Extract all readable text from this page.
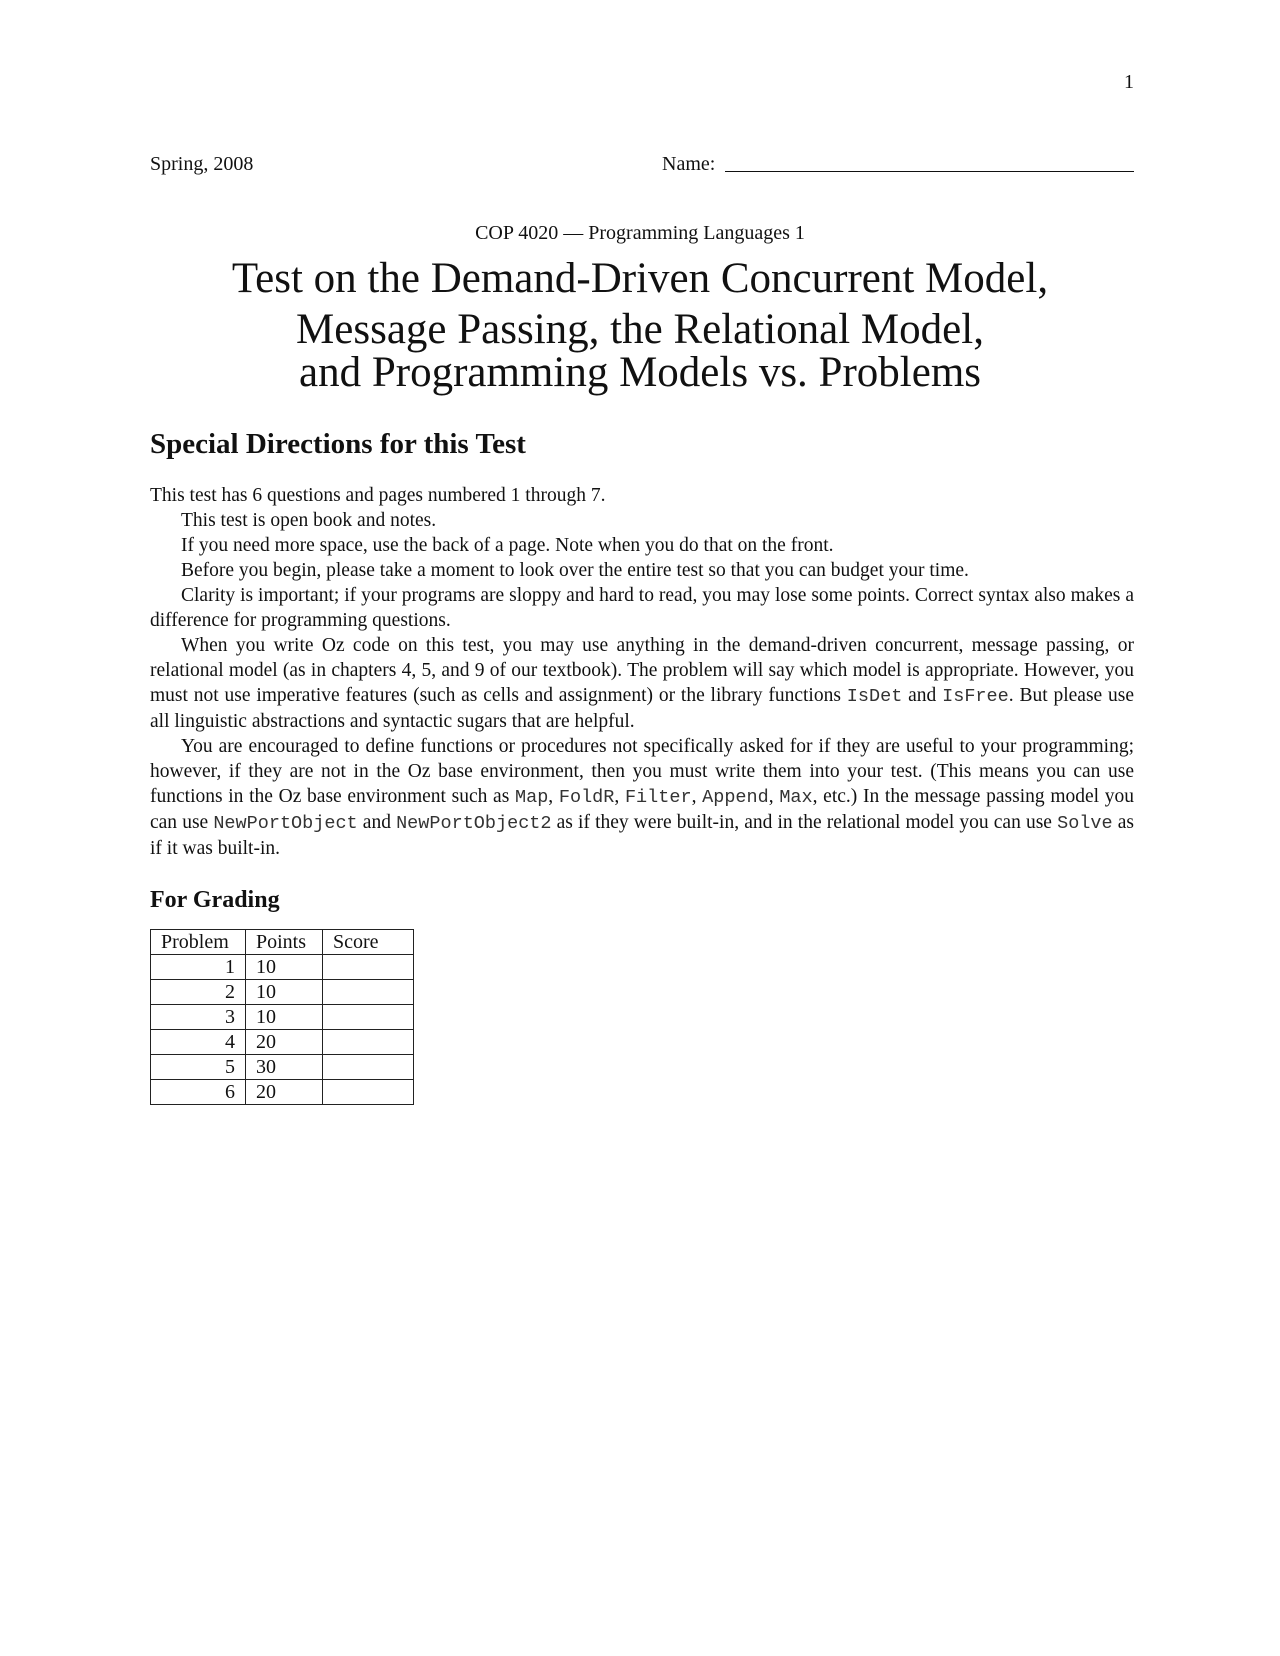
1
Spring, 2008	Name:
COP 4020 — Programming Languages 1
Test on the Demand-Driven Concurrent Model,
Message Passing, the Relational Model,
and Programming Models vs. Problems
Special Directions for this Test

This test has 6 questions and pages numbered 1 through 7.

This test is open book and notes.

If you need more space, use the back of a page. Note when you do that on the front.

Before you begin, please take a moment to look over the entire test so that you can budget your time.

Clarity is important; if your programs are sloppy and hard to read, you may lose some points. Correct syntax also makes a difference for programming questions.

When you write Oz code on this test, you may use anything in the demand-driven concurrent, message passing, or relational model (as in chapters 4, 5, and 9 of our textbook). The problem will say which model is appropriate. However, you must not use imperative features (such as cells and assignment) or the library functions IsDet and IsFree. But please use all linguistic abstractions and syntactic sugars that are helpful.

You are encouraged to define functions or procedures not specifically asked for if they are useful to your programming; however, if they are not in the Oz base environment, then you must write them into your test. (This means you can use functions in the Oz base environment such as Map, FoldR, Filter, Append, Max, etc.) In the message passing model you can use NewPortObject and NewPortObject2 as if they were built-in, and in the relational model you can use Solve as if it was built-in.

For Grading
Problem	Points	Score
1	10	
2	10	
3	10	
4	20	
5	30	
6	20	
